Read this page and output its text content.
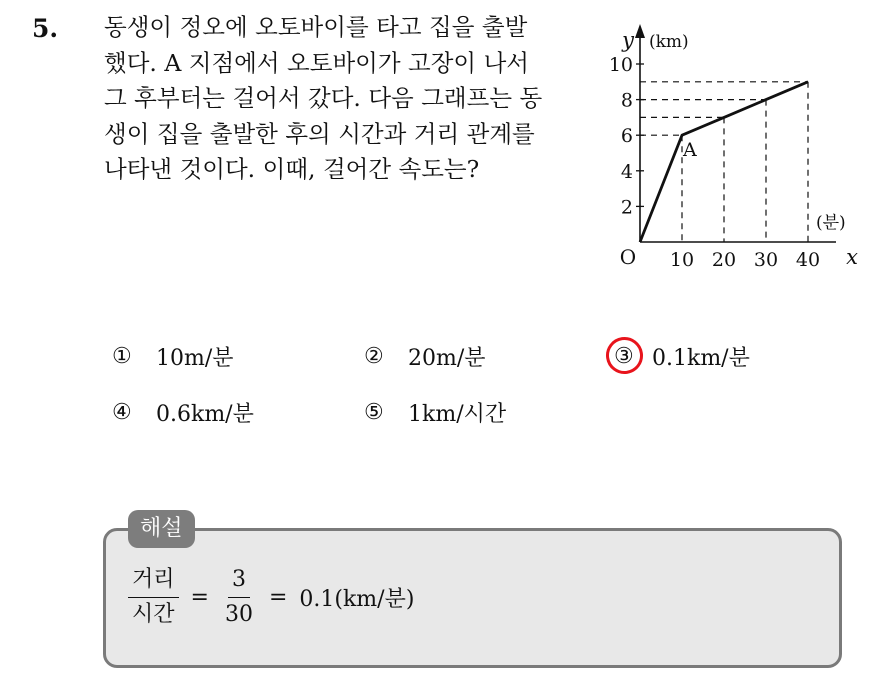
5. 동생이 정오에 오토바이를 타고 집을 출발
했다. A 지점에서 오토바이가 고장이 나서
그 후부터는 걸어서 갔다. 다음 그래프는 동
생이 집을 출발한 후의 시간과 거리 관계를
나타낸 것이다. 이때, 걸어간 속도는?
2
4
6
8
10
10 20 30 40
O
y (km)
x
(분)
A
①	10m/분	②	20m/분	③ 0.1km/분
④	0.6km/분	⑤	1km/시간
해설
$\frac{\text{거리}}{\text{시간}} = \frac{3}{30} = 0.1(km/$분)
